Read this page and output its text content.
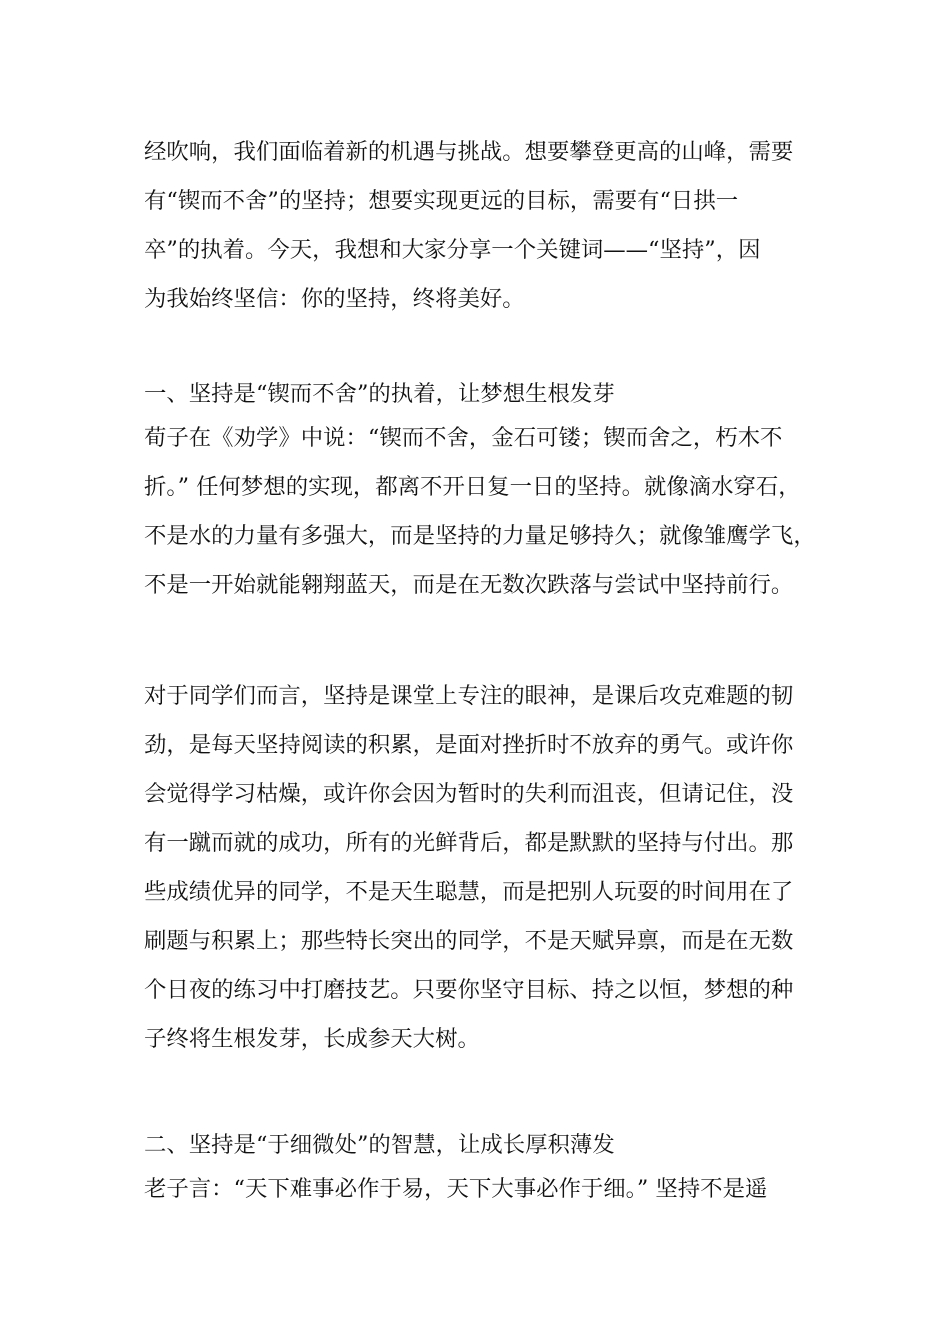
经吹响，我们面临着新的机遇与挑战。想要攀登更高的山峰，需要
有“锲而不舍”的坚持；想要实现更远的目标，需要有“日拱一
卒”的执着。今天，我想和大家分享一个关键词——“坚持”，因
为我始终坚信：你的坚持，终将美好。
一、坚持是“锲而不舍”的执着，让梦想生根发芽
荀子在《劝学》中说：“锲而不舍，金石可镂；锲而舍之，朽木不
折。” 任何梦想的实现，都离不开日复一日的坚持。就像滴水穿石，
不是水的力量有多强大，而是坚持的力量足够持久；就像雏鹰学飞，
不是一开始就能翱翔蓝天，而是在无数次跌落与尝试中坚持前行。
对于同学们而言，坚持是课堂上专注的眼神，是课后攻克难题的韧
劲，是每天坚持阅读的积累，是面对挫折时不放弃的勇气。或许你
会觉得学习枯燥，或许你会因为暂时的失利而沮丧，但请记住，没
有一蹴而就的成功，所有的光鲜背后，都是默默的坚持与付出。那
些成绩优异的同学，不是天生聪慧，而是把别人玩耍的时间用在了
刷题与积累上；那些特长突出的同学，不是天赋异禀，而是在无数
个日夜的练习中打磨技艺。只要你坚守目标、持之以恒，梦想的种
子终将生根发芽，长成参天大树。
二、坚持是“于细微处”的智慧，让成长厚积薄发
老子言：“天下难事必作于易，天下大事必作于细。” 坚持不是遥
